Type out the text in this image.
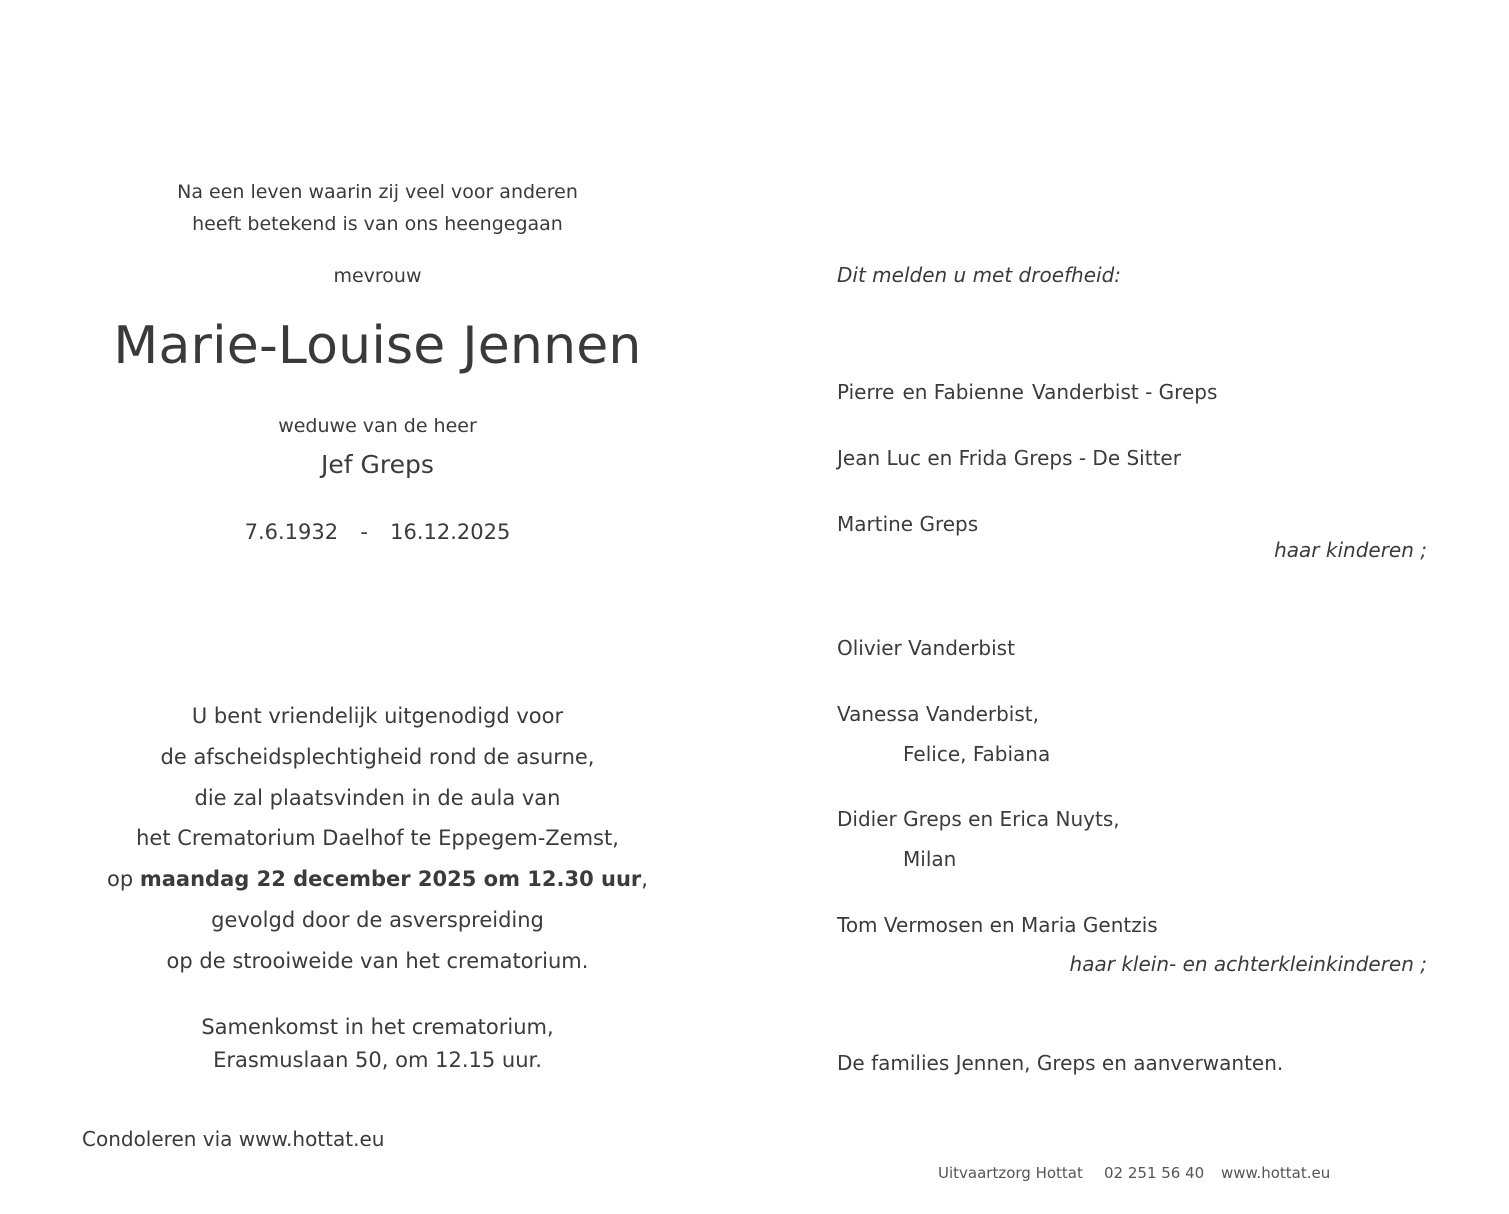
Na een leven waarin zij veel voor anderen
heeft betekend is van ons heengegaan
mevrouw
Marie-Louise Jennen
weduwe van de heer
Jef Greps
7.6.1932 - 16.12.2025
U bent vriendelijk uitgenodigd voor
de afscheidsplechtigheid rond de asurne,
die zal plaatsvinden in de aula van
het Crematorium Daelhof te Eppegem-Zemst,
op maandag 22 december 2025 om 12.30 uur,
gevolgd door de asverspreiding
op de strooiweide van het crematorium.
Samenkomst in het crematorium,
Erasmuslaan 50, om 12.15 uur.
Condoleren via www.hottat.eu
Dit melden u met droefheid:
Pierre en Fabienne Vanderbist - Greps
Jean Luc en Frida Greps - De Sitter
Martine Greps
haar kinderen ;
Olivier Vanderbist
Vanessa Vanderbist,
Felice, Fabiana
Didier Greps en Erica Nuyts,
Milan
Tom Vermosen en Maria Gentzis
haar klein- en achterkleinkinderen ;
De families Jennen, Greps en aanverwanten.
Uitvaartzorg Hottat 02 251 56 40 www.hottat.eu
